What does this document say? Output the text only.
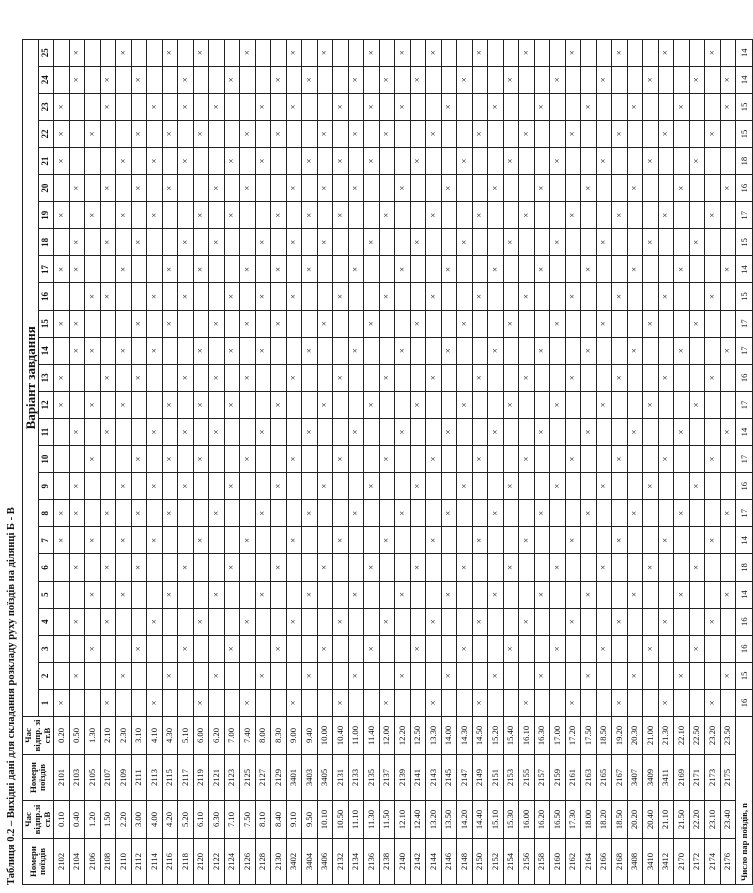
Таблиця 0.2 – Вихідні дані для складання розкладу руху поїздів на ділянці Б - В Номери поїздів	Час відпр.зі ст.В	Номери поїздів	Час відпр. зі ст.В	Варіант завдання																								
				1	2	3	4	5	6	7	8	9	10	11	12	13	14	15	16	17	18	19	20	21	22	23	24	25
2102	0.10	2101	0.20	×						×	×				×	×		×		×		×		×	×	×		
2104	0.40	2103	0.50		×		×		×		×	×		×			×	×		×	×		×				×	×
2106	1.20	2105	1.30			×		×		×			×		×		×		×			×			×			
2108	1.50	2107	2.10	×			×		×		×			×		×			×		×		×			×	×	
2110	2.20	2109	2.30		×			×		×		×			×		×			×		×		×				×
2112	3.00	2111	3.10			×			×		×		×			×		×			×		×		×		×	
2114	4.00	2113	4.10	×			×			×		×		×			×		×			×		×		×		
2116	4.20	2115	4.30		×			×			×		×		×			×		×			×		×			×
2118	5.20	2117	5.10			×			×			×		×		×			×		×			×		×	×	
2120	6.10	2119	6.00	×			×			×			×		×		×			×		×			×			×
2122	6.30	2121	6.20		×			×			×			×		×		×			×		×			×		
2124	7.10	2123	7.00			×			×			×			×		×		×			×		×			×	
2126	7.50	2125	7.40	×			×			×			×			×		×		×			×		×			×
2128	8.10	2127	8.00		×			×			×			×			×		×		×			×		×		
2130	8.40	2129	8.30			×			×			×			×			×		×		×			×		×	
3402	9.10	3401	9.00	×			×			×			×			×			×		×		×			×		×
3404	9.50	3403	9.40		×			×			×			×			×			×		×		×			×	
3406	10.10	3405	10.00			×			×			×			×			×			×		×		×			×
2132	10.50	2131	10.40	×			×			×			×			×			×			×		×		×		
2134	11.10	2133	11.00		×			×			×			×			×			×			×		×		×	
2136	11.30	2135	11.40			×			×			×			×			×			×			×		×		×
2138	11.50	2137	12.00	×			×			×			×			×			×			×			×		×	
2140	12.10	2139	12.20		×			×			×			×			×			×			×			×		×
2142	12.40	2141	12.50			×			×			×			×			×			×			×			×	
2144	13.20	2143	13.30	×			×			×			×			×			×			×			×			×
2146	13.50	2145	14.00		×			×			×			×			×			×			×			×		
2148	14.20	2147	14.30			×			×			×			×			×			×			×			×	
2150	14.40	2149	14.50	×			×			×			×			×			×			×			×			×
2152	15.10	2151	15.20		×			×			×			×			×			×			×			×		
2154	15.30	2153	15.40			×			×			×			×			×			×			×			×	
2156	16.00	2155	16.10	×			×			×			×			×			×			×			×			×
2158	16.20	2157	16.30		×			×			×			×			×			×			×			×		
2160	16.50	2159	17.00			×			×			×			×			×			×			×			×	
2162	17.30	2161	17.20	×			×			×			×			×			×			×			×			×
2164	18.00	2163	17.50		×			×			×			×			×			×			×			×		
2166	18.20	2165	18.50			×			×			×			×			×			×			×			×	
2168	18.50	2167	19.20	×			×			×			×			×			×			×			×			×
3408	20.20	3407	20.30		×			×			×			×			×			×			×			×		
3410	20.40	3409	21.00			×			×			×			×			×			×			×			×	
3412	21.10	3411	21.30	×			×			×			×			×			×			×			×			×
2170	21.50	2169	22.10		×			×			×			×			×			×			×			×		
2172	22.20	2171	22.50			×			×			×			×			×			×			×			×	
2174	23.10	2173	23.20	×			×			×			×			×			×			×			×			×
2176	23.40	2175	23.50		×			×			×			×			×			×			×			×	×	
Число пар поїздів, n				16	15	16	16	14	18	14	17	16	17	14	17	16	17	17	15	14	15	17	16	18	15	15	14	14
